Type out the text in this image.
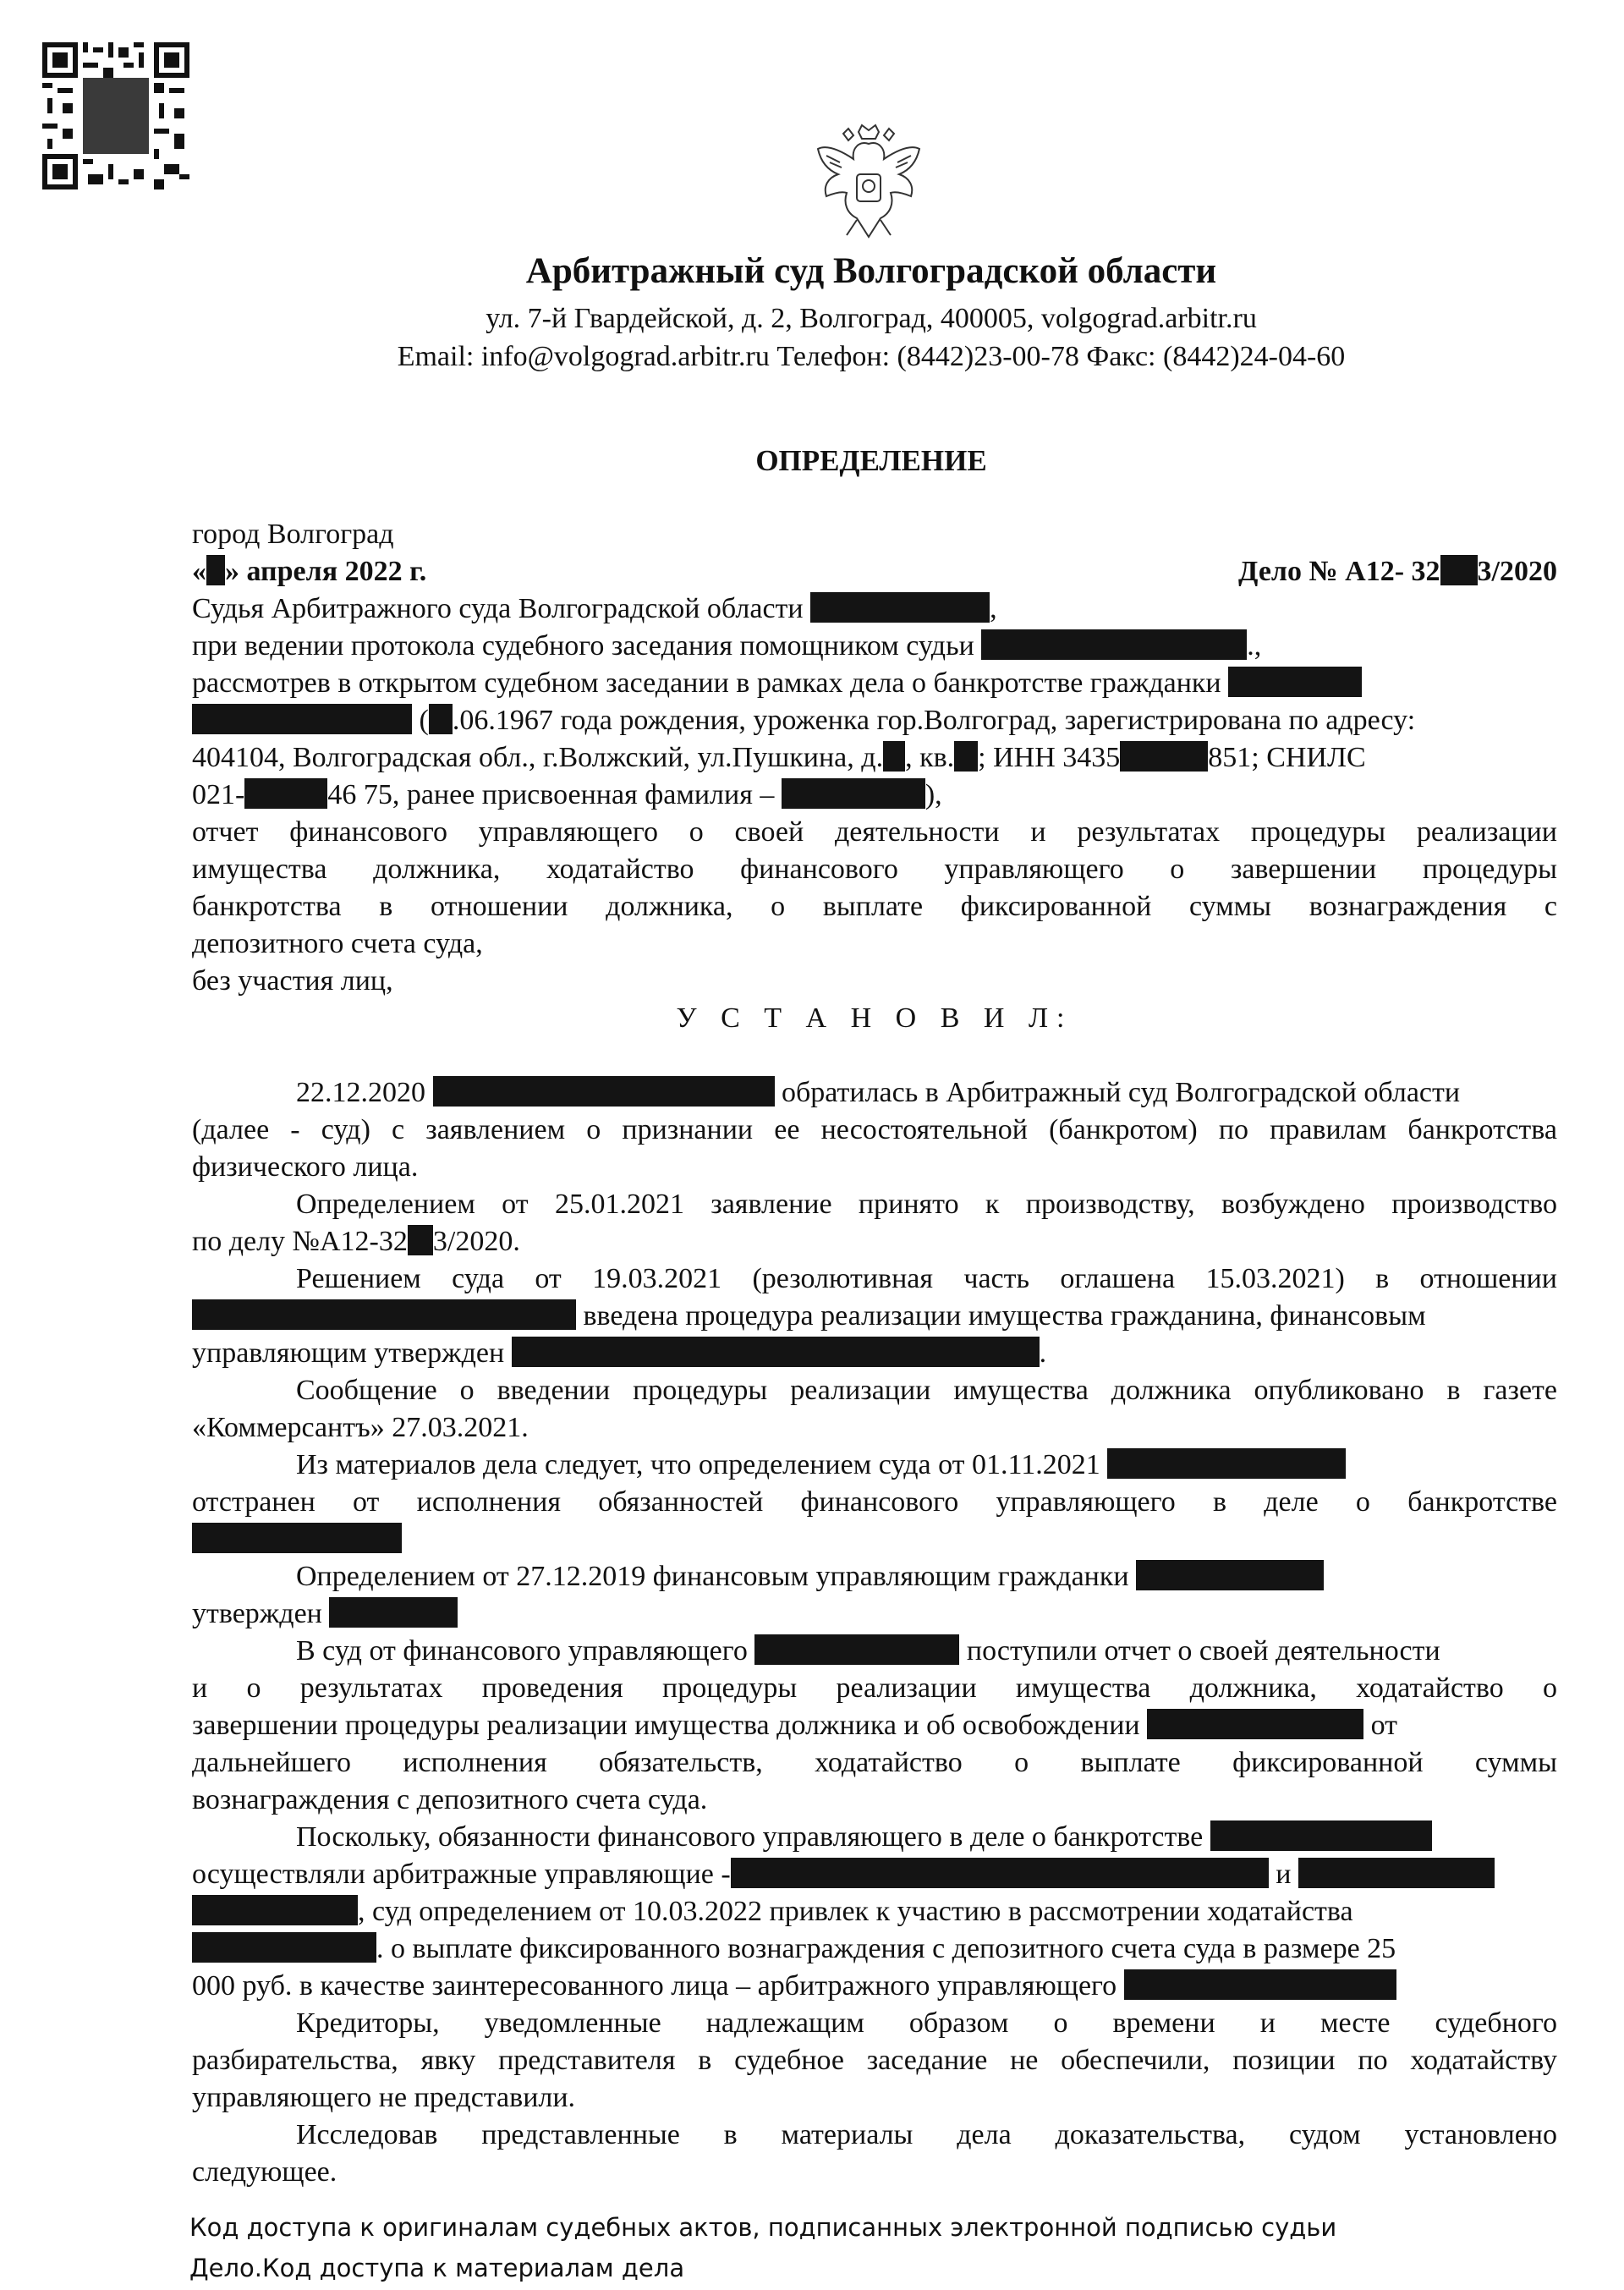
Арбитражный суд Волгоградской области
ул. 7-й Гвардейской, д. 2, Волгоград, 400005, volgograd.arbitr.ru
Email: info@volgograd.arbitr.ru Телефон: (8442)23-00-78 Факс: (8442)24-04-60
ОПРЕДЕЛЕНИЕ
город Волгоград
« » апреля 2022 г.	Дело № А12- 32 3/2020
Судья Арбитражного суда Волгоградской области	,
при ведении протокола судебного заседания помощником судьи	.,
рассмотрев в открытом судебном заседании в рамках дела о банкротстве гражданки
( .06.1967 года рождения, уроженка гор.Волгоград, зарегистрирована по адресу:
404104, Волгоградская обл., г.Волжский, ул.Пушкина, д. , кв. ; ИНН 3435	851; СНИЛС
021-	46 75, ранее присвоенная фамилия –	),
отчет финансового управляющего о своей деятельности и результатах процедуры реализации
имущества должника, ходатайство финансового управляющего о завершении процедуры
банкротства в отношении должника, о выплате фиксированной суммы вознаграждения с
депозитного счета суда,
без участия лиц,
У С Т А Н О В И Л:
22.12.2020	обратилась в Арбитражный суд Волгоградской области
(далее - суд) с заявлением о признании ее несостоятельной (банкротом) по правилам банкротства
физического лица.
Определением от 25.01.2021 заявление принято к производству, возбуждено производство
по делу №А12-32 3/2020.
Решением суда от 19.03.2021 (резолютивная часть оглашена 15.03.2021) в отношении
введена процедура реализации имущества гражданина, финансовым
управляющим утвержден	.
Сообщение о введении процедуры реализации имущества должника опубликовано в газете
«Коммерсантъ» 27.03.2021.
Из материалов дела следует, что определением суда от 01.11.2021
отстранен от исполнения обязанностей финансового управляющего в деле о банкротстве
Определением от 27.12.2019 финансовым управляющим гражданки
утвержден
В суд от финансового управляющего	поступили отчет о своей деятельности
и о результатах проведения процедуры реализации имущества должника, ходатайство о
завершении процедуры реализации имущества должника и об освобождении	от
дальнейшего исполнения обязательств, ходатайство о выплате фиксированной суммы
вознаграждения с депозитного счета суда.
Поскольку, обязанности финансового управляющего в деле о банкротстве
осуществляли арбитражные управляющие -	и
, суд определением от 10.03.2022 привлек к участию в рассмотрении ходатайства
. о выплате фиксированного вознаграждения с депозитного счета суда в размере 25
000 руб. в качестве заинтересованного лица – арбитражного управляющего
Кредиторы, уведомленные надлежащим образом о времени и месте судебного
разбирательства, явку представителя в судебное заседание не обеспечили, позиции по ходатайству
управляющего не представили.
Исследовав представленные в материалы дела доказательства, судом установлено
следующее.
Код доступа к оригиналам судебных актов, подписанных электронной подписью судьи
Дело.Код доступа к материалам дела
